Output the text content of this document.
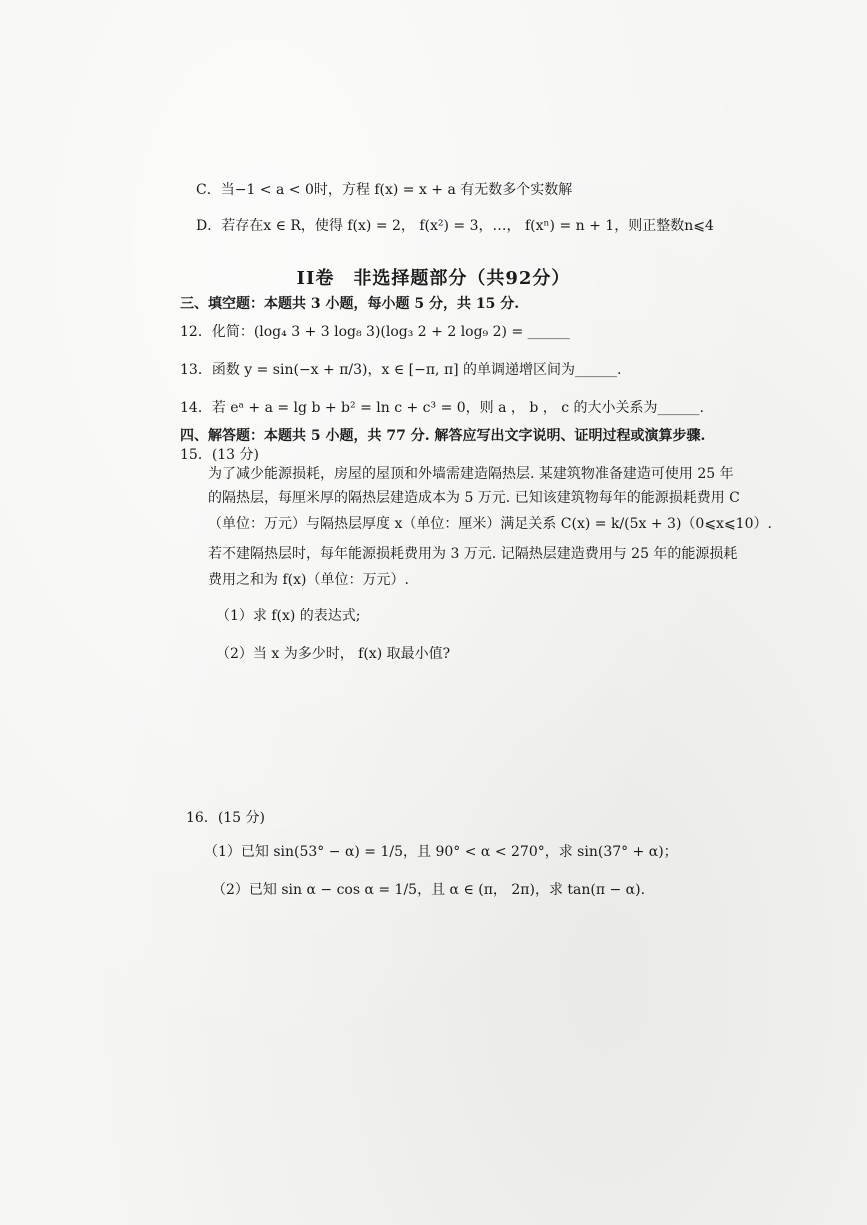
C．当−1 < a < 0时，方程 f(x) = x + a 有无数多个实数解
D．若存在x ∈ R，使得 f(x) = 2， f(x²) = 3，…， f(xⁿ) = n + 1，则正整数n⩽4
II卷　非选择题部分（共92分）
三、填空题：本题共 3 小题，每小题 5 分，共 15 分.
12．化简：(log₄ 3 + 3 log₈ 3)(log₃ 2 + 2 log₉ 2) = ______
13．函数 y = sin(−x + π/3)，x ∈ [−π, π] 的单调递增区间为______.
14．若 eᵃ + a = lg b + b² = ln c + c³ = 0，则 a ， b ， c 的大小关系为______.
四、解答题：本题共 5 小题，共 77 分. 解答应写出文字说明、证明过程或演算步骤.
15．(13 分)
为了减少能源损耗，房屋的屋顶和外墙需建造隔热层. 某建筑物准备建造可使用 25 年
的隔热层，每厘米厚的隔热层建造成本为 5 万元. 已知该建筑物每年的能源损耗费用 C
（单位：万元）与隔热层厚度 x（单位：厘米）满足关系 C(x) = k/(5x + 3)（0⩽x⩽10）.
若不建隔热层时，每年能源损耗费用为 3 万元. 记隔热层建造费用与 25 年的能源损耗
费用之和为 f(x)（单位：万元）.
（1）求 f(x) 的表达式;
（2）当 x 为多少时， f(x) 取最小值?
16．(15 分)
（1）已知 sin(53° − α) = 1/5，且 90° < α < 270°，求 sin(37° + α)；
（2）已知 sin α − cos α = 1/5，且 α ∈ (π， 2π)，求 tan(π − α).
